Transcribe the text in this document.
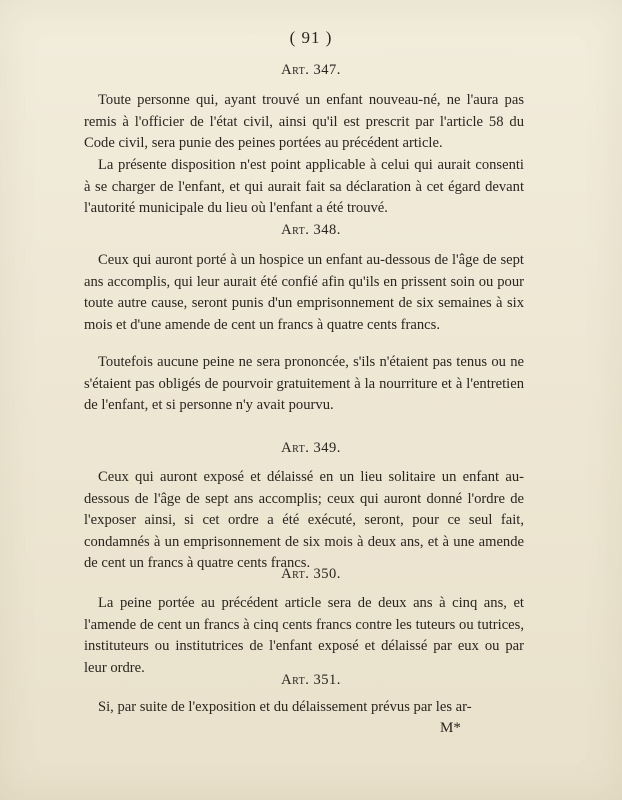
( 91 )
Art. 347.

Toute personne qui, ayant trouvé un enfant nouveau-né, ne l'aura pas remis à l'officier de l'état civil, ainsi qu'il est prescrit par l'article 58 du Code civil, sera punie des peines portées au précédent article.

La présente disposition n'est point applicable à celui qui aurait consenti à se charger de l'enfant, et qui aurait fait sa déclaration à cet égard devant l'autorité municipale du lieu où l'enfant a été trouvé.

Art. 348.

Ceux qui auront porté à un hospice un enfant au-dessous de l'âge de sept ans accomplis, qui leur aurait été confié afin qu'ils en prissent soin ou pour toute autre cause, seront punis d'un emprisonnement de six semaines à six mois et d'une amende de cent un francs à quatre cents francs.

Toutefois aucune peine ne sera prononcée, s'ils n'étaient pas tenus ou ne s'étaient pas obligés de pourvoir gratuitement à la nourriture et à l'entretien de l'enfant, et si personne n'y avait pourvu.

Art. 349.

Ceux qui auront exposé et délaissé en un lieu solitaire un enfant au-dessous de l'âge de sept ans accomplis; ceux qui auront donné l'ordre de l'exposer ainsi, si cet ordre a été exécuté, seront, pour ce seul fait, condamnés à un emprisonnement de six mois à deux ans, et à une amende de cent un francs à quatre cents francs.

Art. 350.

La peine portée au précédent article sera de deux ans à cinq ans, et l'amende de cent un francs à cinq cents francs contre les tuteurs ou tutrices, instituteurs ou institutrices de l'enfant exposé et délaissé par eux ou par leur ordre.

Art. 351.

Si, par suite de l'exposition et du délaissement prévus par les ar-

M*
